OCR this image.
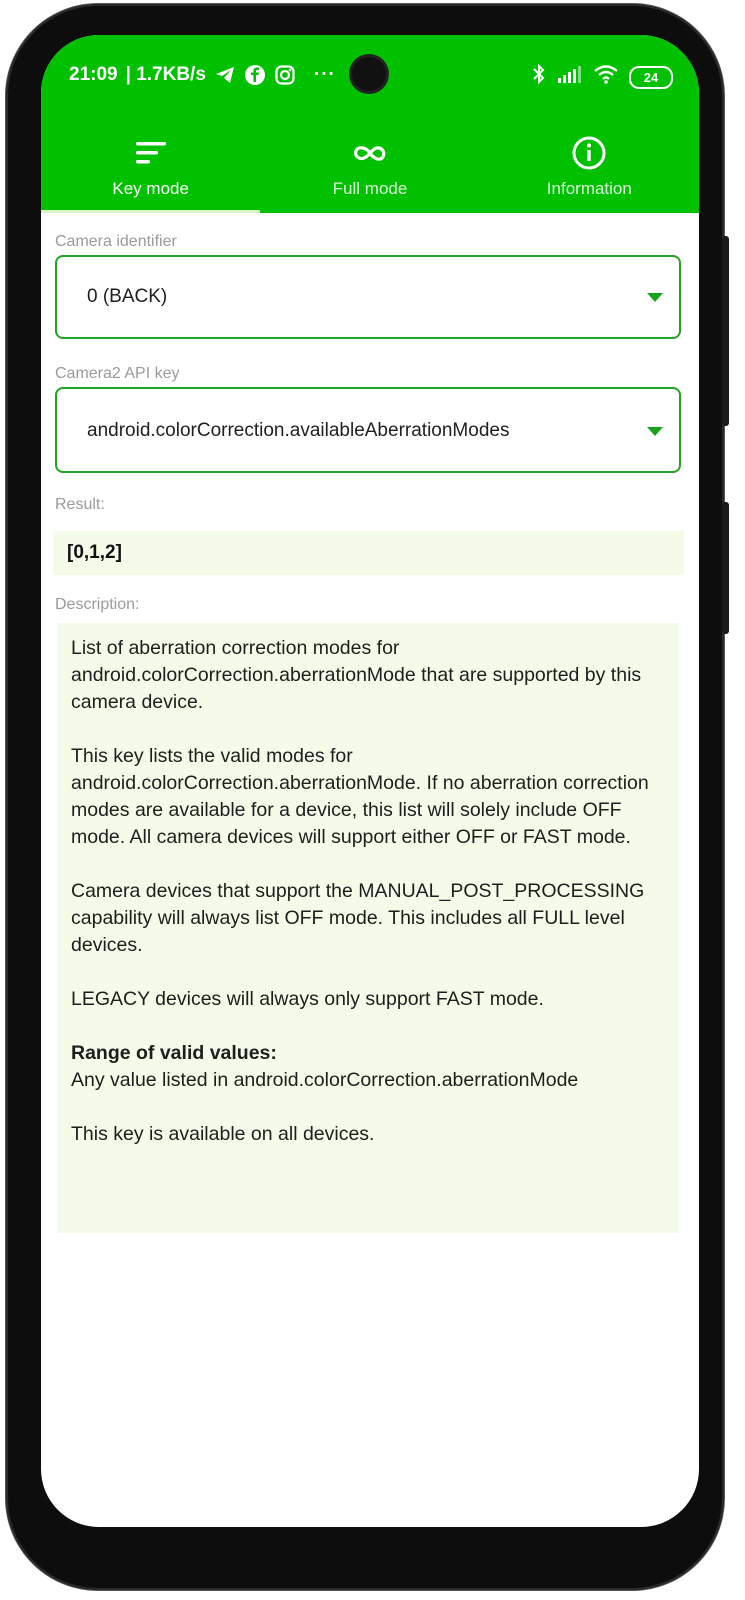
21:09 | 1.7KB/s	···	24
Key mode	Full mode	Information
Camera identifier
0 (BACK)
Camera2 API key
android.colorCorrection.availableAberrationModes
Result:
[0,1,2]
Description:

List of aberration correction modes for android.colorCorrection.aberrationMode that are supported by this camera device.

This key lists the valid modes for android.colorCorrection.aberrationMode. If no aberration correction modes are available for a device, this list will solely include OFF mode. All camera devices will support either OFF or FAST mode.

Camera devices that support the MANUAL_POST_PROCESSING capability will always list OFF mode. This includes all FULL level devices.

LEGACY devices will always only support FAST mode.

Range of valid values:

Any value listed in android.colorCorrection.aberrationMode

This key is available on all devices.
